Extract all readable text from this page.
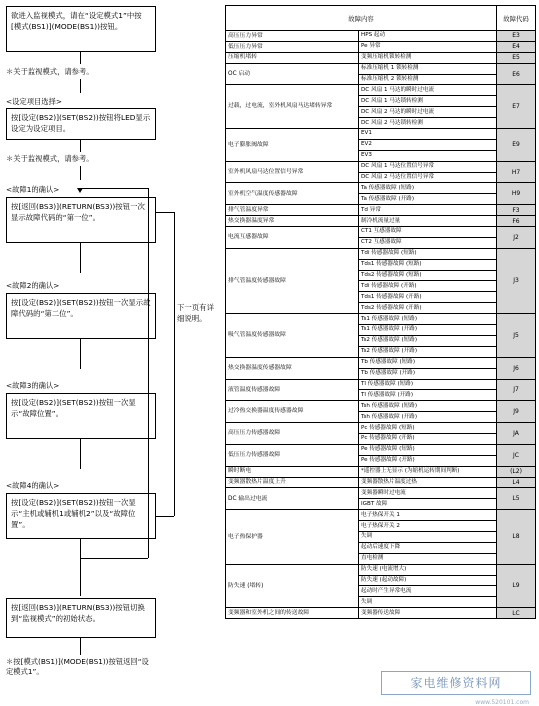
欲进入监视模式，请在“设定模式1”中按[模式(BS1)](MODE(BS1))按钮。
＊关于监视模式，请参考。
<设定项目选择>
按[设定(BS2)](SET(BS2))按钮将LED显示设定为设定项目。
＊关于监视模式，请参考。
<故障1的确认>
按[返回(BS3)](RETURN(BS3))按钮一次显示故障代码的“第一位”。
<故障2的确认>
按[设定(BS2)](SET(BS2))按钮一次显示故障代码的“第二位”。
<故障3的确认>
按[设定(BS2)](SET(BS2))按钮一次显示“故障位置”。
<故障4的确认>
按[设定(BS2)](SET(BS2))按钮一次显示“主机或辅机1或辅机2”以及“故障位置”。
按[返回(BS3)](RETURN(BS3))按钮切换到“监视模式”的初始状态。
＊按[模式(BS1)](MODE(BS1))按钮返回“设定模式1”。
下一页有详细说明。
故障内容		故障代码
高压压力异常	HPS 起动	E3
低压压力异常	Pe 异常	E4
压缩机堵转	变频压缩机锁转检测	E5
OC 启动	标准压缩机 1 锁转检测	E6
	标准压缩机 2 锁转检测	
过载，过电流，室外机风扇马达堵转异常	DC 风扇 1 马达的瞬时过电流	E7
	DC 风扇 1 马达锁转检测	
	DC 风扇 2 马达的瞬时过电流	
	DC 风扇 2 马达锁转检测	
电子膨胀阀故障	EV1	E9
	EV2	
	EV3	
室外机风扇马达位置信号异常	DC 风扇 1 马达位置信号异常	H7
	DC 风扇 2 马达位置信号异常	
室外机空气温度传感器故障	Ta 传感器故障 (短路)	H9
	Ta 传感器故障 (开路)	
排气管温度异常	Td 异常	F3
热交换器温度异常	制冷机流量过量	F6
电流互感器故障	CT1 互感器故障	J2
	CT2 互感器故障	
排气管温度传感器故障	Tdi 传感器故障 (短路)	J3
	Tds1 传感器故障 (短路)	
	Tds2 传感器故障 (短路)	
	Tdi 传感器故障 (开路)	
	Tds1 传感器故障 (开路)	
	Tds2 传感器故障 (开路)	
吸气管温度传感器故障	Ts1 传感器故障 (短路)	J5
	Ts1 传感器故障 (开路)	
	Ts2 传感器故障 (短路)	
	Ts2 传感器故障 (开路)	
热交换器温度传感器故障	Tb 传感器故障 (短路)	J6
	Tb 传感器故障 (开路)	
液管温度传感器故障	Tl 传感器故障 (短路)	J7
	Tl 传感器故障 (开路)	
过冷热交换器温度传感器故障	Tsh 传感器故障 (短路)	J9
	Tsh 传感器故障 (开路)	
高压压力传感器故障	Pc 传感器故障 (短路)	JA
	Pc 传感器故障 (开路)	
低压压力传感器故障	Pe 传感器故障 (短路)	JC
	Pe 传感器故障 (开路)	
瞬时断电	*遥控器上无显示 (为缩机运转期间判断)	(L2)
变频器散热片温度上升	变频器散热片温度过热	L4
DC 输出过电流	变频器瞬时过电流	L5
	IGBT 故障	
电子热保护器	电子热保开关 1	L8
	电子热保开关 2	
	失调	
	起动后速度下降	
	直电检测	
防失速 (堵转)	防失速 (电流增大)	L9
	防失速 (起动故障)	
	起动时产生异常电流	
	失调	
变频器和室外机之间的传送故障	变频器传送故障	LC
家电维修资料网
www.520101.com
